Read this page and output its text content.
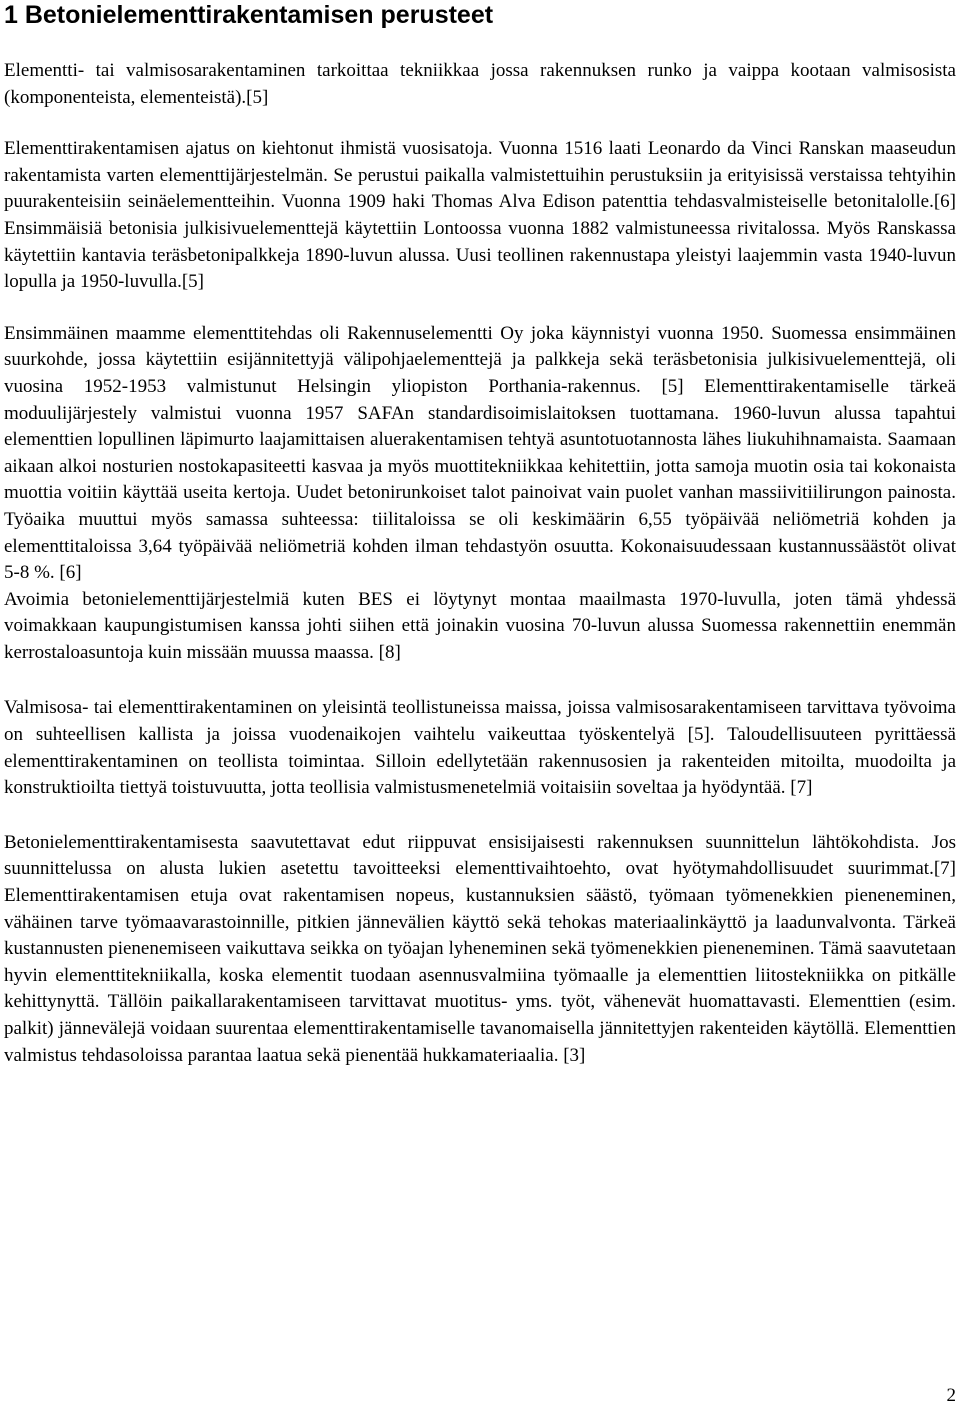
1 Betonielementtirakentamisen perusteet

Elementti- tai valmisosarakentaminen tarkoittaa tekniikkaa jossa rakennuksen runko ja vaippa kootaan valmisosista (komponenteista, elementeistä).[5]

Elementtirakentamisen ajatus on kiehtonut ihmistä vuosisatoja. Vuonna 1516 laati Leonardo da Vinci Ranskan maaseudun rakentamista varten elementtijärjestelmän. Se perustui paikalla valmistettuihin perustuksiin ja erityisissä verstaissa tehtyihin puurakenteisiin seinäelementteihin. Vuonna 1909 haki Thomas Alva Edison patenttia tehdasvalmisteiselle betonitalolle.[6] Ensimmäisiä betonisia julkisivuelementtejä käytettiin Lontoossa vuonna 1882 valmistuneessa rivitalossa. Myös Ranskassa käytettiin kantavia teräsbetonipalkkeja 1890-luvun alussa. Uusi teollinen rakennustapa yleistyi laajemmin vasta 1940-luvun lopulla ja 1950-luvulla.[5]

Ensimmäinen maamme elementtitehdas oli Rakennuselementti Oy joka käynnistyi vuonna 1950. Suomessa ensimmäinen suurkohde, jossa käytettiin esijännitettyjä välipohjaelementtejä ja palkkeja sekä teräsbetonisia julkisivuelementtejä, oli vuosina 1952-1953 valmistunut Helsingin yliopiston Porthania-rakennus. [5] Elementtirakentamiselle tärkeä moduulijärjestely valmistui vuonna 1957 SAFAn standardisoimislaitoksen tuottamana. 1960-luvun alussa tapahtui elementtien lopullinen läpimurto laajamittaisen aluerakentamisen tehtyä asuntotuotannosta lähes liukuhihnamaista. Saamaan aikaan alkoi nosturien nostokapasiteetti kasvaa ja myös muottitekniikkaa kehitettiin, jotta samoja muotin osia tai kokonaista muottia voitiin käyttää useita kertoja. Uudet betonirunkoiset talot painoivat vain puolet vanhan massiivitiilirungon painosta. Työaika muuttui myös samassa suhteessa: tiilitaloissa se oli keskimäärin 6,55 työpäivää neliömetriä kohden ja elementtitaloissa 3,64 työpäivää neliömetriä kohden ilman tehdastyön osuutta. Kokonaisuudessaan kustannussäästöt olivat 5-8 %. [6]

Avoimia betonielementtijärjestelmiä kuten BES ei löytynyt montaa maailmasta 1970-luvulla, joten tämä yhdessä voimakkaan kaupungistumisen kanssa johti siihen että joinakin vuosina 70-luvun alussa Suomessa rakennettiin enemmän kerrostaloasuntoja kuin missään muussa maassa. [8]

Valmisosa- tai elementtirakentaminen on yleisintä teollistuneissa maissa, joissa valmisosarakentamiseen tarvittava työvoima on suhteellisen kallista ja joissa vuodenaikojen vaihtelu vaikeuttaa työskentelyä [5]. Taloudellisuuteen pyrittäessä elementtirakentaminen on teollista toimintaa. Silloin edellytetään rakennusosien ja rakenteiden mitoilta, muodoilta ja konstruktioilta tiettyä toistuvuutta, jotta teollisia valmistusmenetelmiä voitaisiin soveltaa ja hyödyntää. [7]

Betonielementtirakentamisesta saavutettavat edut riippuvat ensisijaisesti rakennuksen suunnittelun lähtökohdista. Jos suunnittelussa on alusta lukien asetettu tavoitteeksi elementtivaihtoehto, ovat hyötymahdollisuudet suurimmat.[7] Elementtirakentamisen etuja ovat rakentamisen nopeus, kustannuksien säästö, työmaan työmenekkien pieneneminen, vähäinen tarve työmaavarastoinnille, pitkien jännevälien käyttö sekä tehokas materiaalinkäyttö ja laadunvalvonta. Tärkeä kustannusten pienenemiseen vaikuttava seikka on työajan lyheneminen sekä työmenekkien pieneneminen. Tämä saavutetaan hyvin elementtitekniikalla, koska elementit tuodaan asennusvalmiina työmaalle ja elementtien liitostekniikka on pitkälle kehittynyttä. Tällöin paikallarakentamiseen tarvittavat muotitus- yms. työt, vähenevät huomattavasti. Elementtien (esim. palkit) jännevälejä voidaan suurentaa elementtirakentamiselle tavanomaisella jännitettyjen rakenteiden käytöllä. Elementtien valmistus tehdasoloissa parantaa laatua sekä pienentää hukkamateriaalia. [3]

2
